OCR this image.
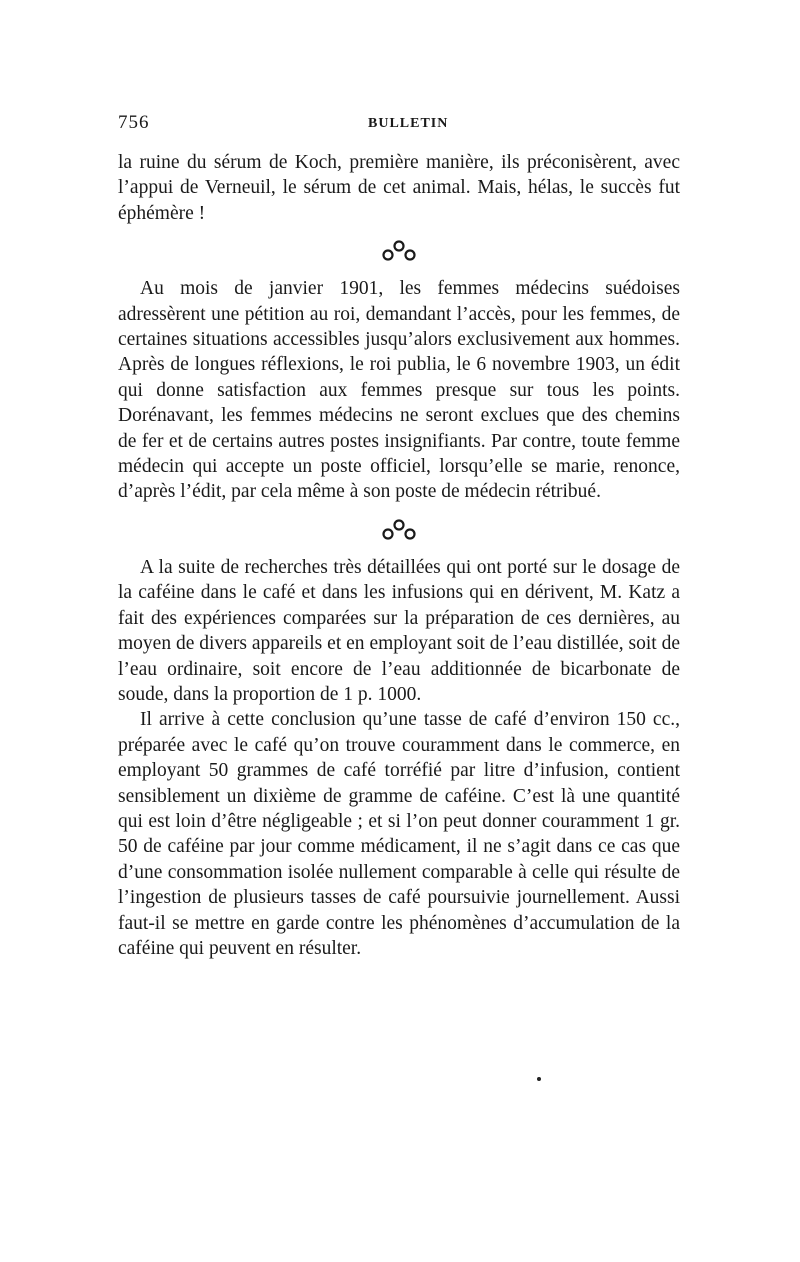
756	BULLETIN

la ruine du sérum de Koch, première manière, ils préconisèrent, avec l’appui de Verneuil, le sérum de cet animal. Mais, hélas, le succès fut éphémère !

Au mois de janvier 1901, les femmes médecins suédoises adressèrent une pétition au roi, demandant l’accès, pour les femmes, de certaines situations accessibles jusqu’alors exclusivement aux hommes. Après de longues réflexions, le roi publia, le 6 novembre 1903, un édit qui donne satisfaction aux femmes presque sur tous les points. Dorénavant, les femmes médecins ne seront exclues que des chemins de fer et de certains autres postes insignifiants. Par contre, toute femme médecin qui accepte un poste officiel, lorsqu’elle se marie, renonce, d’après l’édit, par cela même à son poste de médecin rétribué.

A la suite de recherches très détaillées qui ont porté sur le dosage de la caféine dans le café et dans les infusions qui en dérivent, M. Katz a fait des expériences comparées sur la préparation de ces dernières, au moyen de divers appareils et en employant soit de l’eau distillée, soit de l’eau ordinaire, soit encore de l’eau additionnée de bicarbonate de soude, dans la proportion de 1 p. 1000.

Il arrive à cette conclusion qu’une tasse de café d’environ 150 cc., préparée avec le café qu’on trouve couramment dans le commerce, en employant 50 grammes de café torréfié par litre d’infusion, contient sensiblement un dixième de gramme de caféine. C’est là une quantité qui est loin d’être négligeable ; et si l’on peut donner couramment 1 gr. 50 de caféine par jour comme médicament, il ne s’agit dans ce cas que d’une consommation isolée nullement comparable à celle qui résulte de l’ingestion de plusieurs tasses de café poursuivie journellement. Aussi faut-il se mettre en garde contre les phénomènes d’accumulation de la caféine qui peuvent en résulter.
